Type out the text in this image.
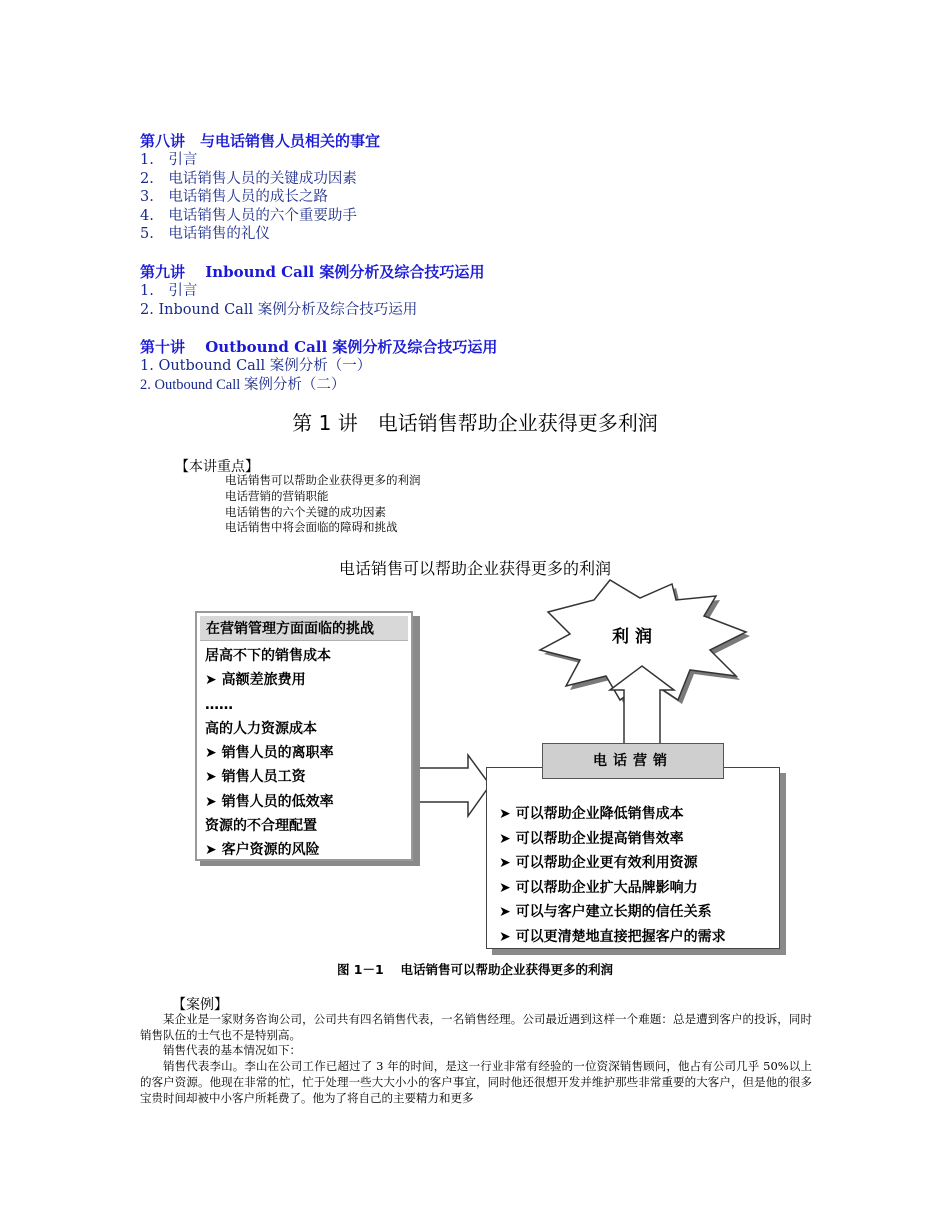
第八讲　与电话销售人员相关的事宜
1.　引言
2.　电话销售人员的关键成功因素
3.　电话销售人员的成长之路
4.　电话销售人员的六个重要助手
5.　电话销售的礼仪
第九讲　 Inbound Call 案例分析及综合技巧运用
1.　引言
2. Inbound Call 案例分析及综合技巧运用
第十讲　 Outbound Call 案例分析及综合技巧运用
1. Outbound Call 案例分析（一）
2. Outbound Call 案例分析（二）
第 1 讲　电话销售帮助企业获得更多利润
【本讲重点】
电话销售可以帮助企业获得更多的利润
电话营销的营销职能
电话销售的六个关键的成功因素
电话销售中将会面临的障碍和挑战
电话销售可以帮助企业获得更多的利润
利润
在营销管理方面面临的挑战
居高不下的销售成本
➤ 高额差旅费用
……
高的人力资源成本
➤ 销售人员的离职率
➤ 销售人员工资
➤ 销售人员的低效率
资源的不合理配置
➤ 客户资源的风险
➤ 可以帮助企业降低销售成本
➤ 可以帮助企业提高销售效率
➤ 可以帮助企业更有效利用资源
➤ 可以帮助企业扩大品牌影响力
➤ 可以与客户建立长期的信任关系
➤ 可以更清楚地直接把握客户的需求
电话营销
图 1－1　 电话销售可以帮助企业获得更多的利润
【案例】

某企业是一家财务咨询公司，公司共有四名销售代表，一名销售经理。公司最近遇到这样一个难题：总是遭到客户的投诉，同时销售队伍的士气也不是特别高。

销售代表的基本情况如下：

销售代表李山。李山在公司工作已超过了 3 年的时间，是这一行业非常有经验的一位资深销售顾问，他占有公司几乎 50%以上的客户资源。他现在非常的忙，忙于处理一些大大小小的客户事宜，同时他还很想开发并维护那些非常重要的大客户，但是他的很多宝贵时间却被中小客户所耗费了。他为了将自己的主要精力和更多
